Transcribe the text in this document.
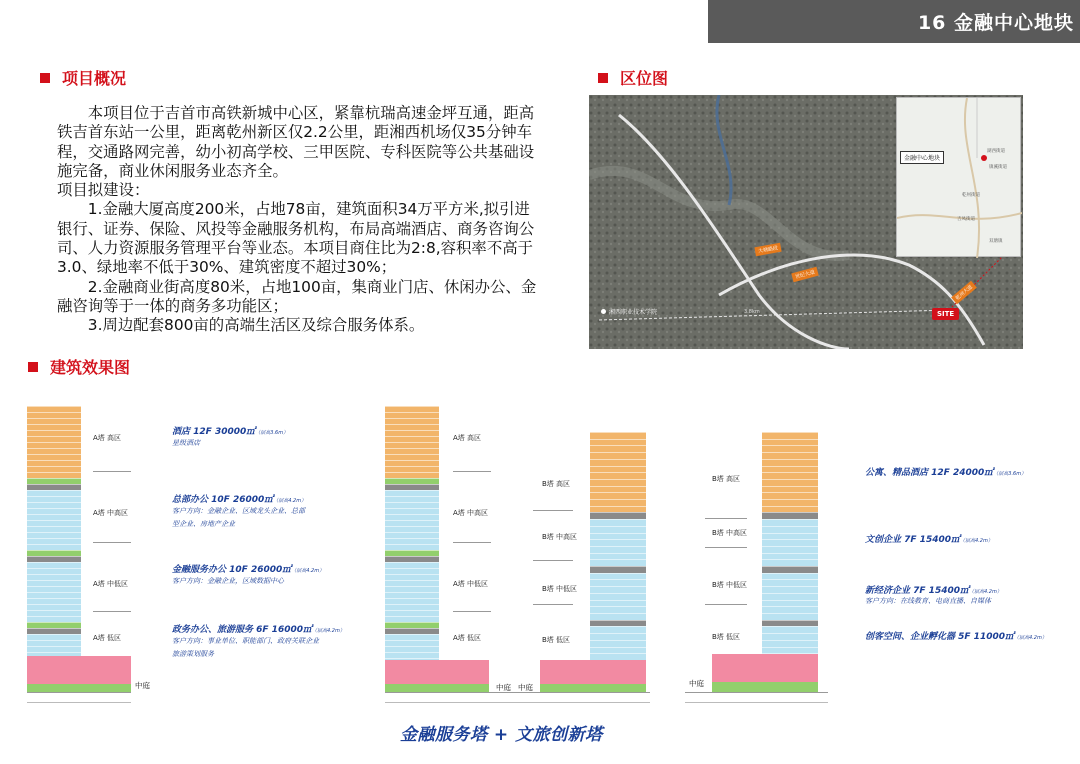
16 金融中心地块
项目概况	区位图
建筑效果图

本项目位于吉首市高铁新城中心区，紧靠杭瑞高速金坪互通，距高铁吉首东站一公里，距离乾州新区仅2.2公里，距湘西机场仅35分钟车程，交通路网完善，幼小初高学校、三甲医院、专科医院等公共基础设施完备，商业休闲服务业态齐全。

项目拟建设：

1.金融大厦高度200米，占地78亩，建筑面积34万平方米,拟引进银行、证券、保险、风投等金融服务机构，布局高端酒店、商务咨询公司、人力资源服务管理平台等业态。本项目商住比为2:8,容积率不高于3.0、绿地率不低于30%、建筑密度不超过30%；

2.金融商业街高度80米，占地100亩，集商业门店、休闲办公、金融咨询等于一体的商务多功能区；

3.周边配套800亩的高端生活区及综合服务体系。

金融中心地块
湖西街道
镇溪街道
乾州街道
吉凤街道
双塘镇
大塘路段
世纪大道
乾州大道
SITE
湘西职业技术学院	3.8km
A塔 高区
A塔 中高区
A塔 中低区
A塔 低区
中庭
酒店 12F 30000㎡（层高3.6m）
星级酒店
总部办公 10F 26000㎡（层高4.2m）
客户方向：金融企业、区域龙头企业、总部
型企业、房地产企业
金融服务办公 10F 26000㎡（层高4.2m）
客户方向：金融企业，区域数据中心
政务办公、旅游服务 6F 16000㎡（层高4.2m）
客户方向：事业单位、职能部门、政府关联企业
旅游策划服务
A塔 高区
A塔 中高区
A塔 中低区
A塔 低区
B塔 高区
B塔 中高区
B塔 中低区
B塔 低区
中庭 中庭
B塔 高区
B塔 中高区
B塔 中低区
B塔 低区
中庭
公寓、精品酒店 12F 24000㎡（层高3.6m）
文创企业 7F 15400㎡（层高4.2m）
新经济企业 7F 15400㎡（层高4.2m）
客户方向：在线教育、电商直播、自媒体
创客空间、企业孵化器 5F 11000㎡（层高4.2m）
金融服务塔 + 文旅创新塔
